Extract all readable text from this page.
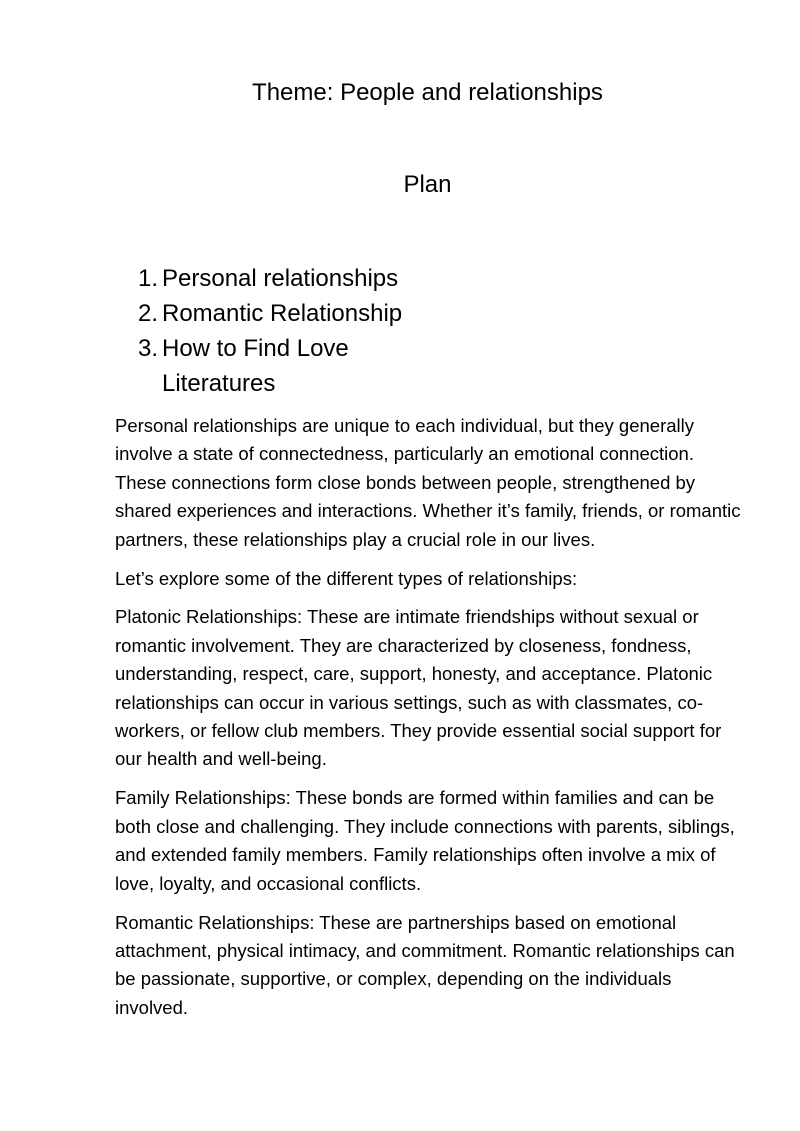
Theme: People and relationships
Plan
1. Personal relationships
2. Romantic Relationship
3. How to Find Love Literatures

Personal relationships are unique to each individual, but they generally involve a state of connectedness, particularly an emotional connection. These connections form close bonds between people, strengthened by shared experiences and interactions. Whether it’s family, friends, or romantic partners, these relationships play a crucial role in our lives.

Let’s explore some of the different types of relationships:

Platonic Relationships: These are intimate friendships without sexual or romantic involvement. They are characterized by closeness, fondness, understanding, respect, care, support, honesty, and acceptance. Platonic relationships can occur in various settings, such as with classmates, co-workers, or fellow club members. They provide essential social support for our health and well-being.

Family Relationships: These bonds are formed within families and can be both close and challenging. They include connections with parents, siblings, and extended family members. Family relationships often involve a mix of love, loyalty, and occasional conflicts.

Romantic Relationships: These are partnerships based on emotional attachment, physical intimacy, and commitment. Romantic relationships can be passionate, supportive, or complex, depending on the individuals involved.
